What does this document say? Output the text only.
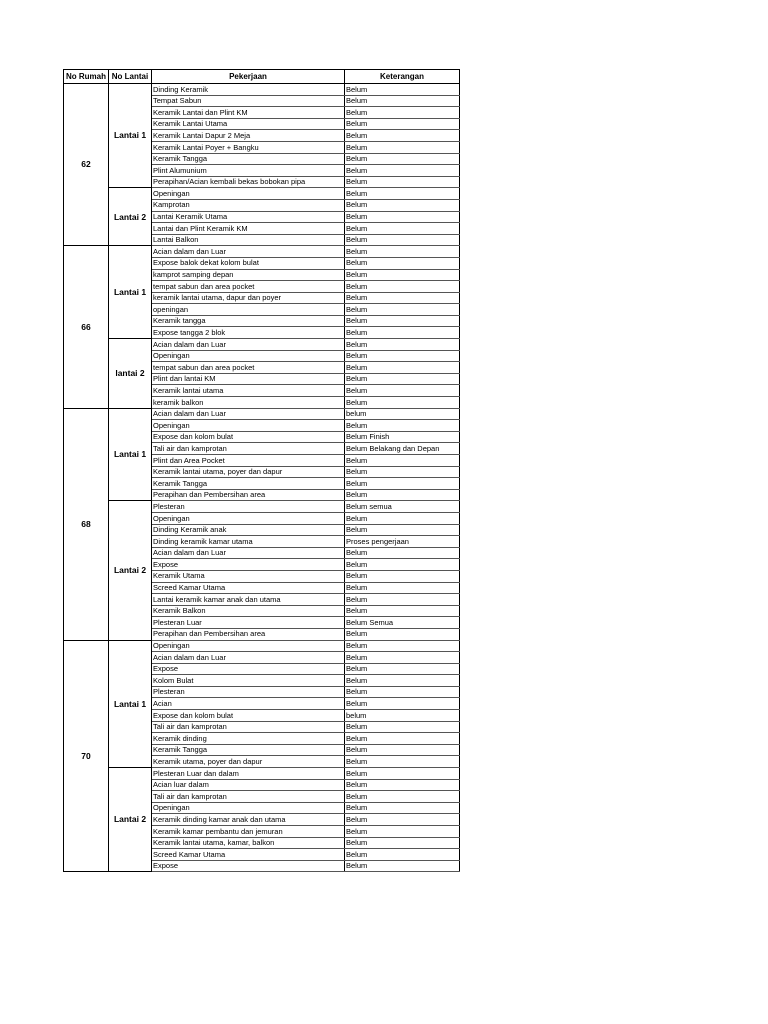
No Rumah	No Lantai	Pekerjaan	Keterangan
62	Lantai 1	Dinding Keramik	Belum
		Tempat Sabun	Belum
		Keramik Lantai dan Plint KM	Belum
		Keramik Lantai Utama	Belum
		Keramik Lantai Dapur 2 Meja	Belum
		Keramik Lantai Poyer + Bangku	Belum
		Keramik Tangga	Belum
		Plint Alumunium	Belum
		Perapihan/Acian kembali bekas bobokan pipa	Belum
	Lantai 2	Openingan	Belum
		Kamprotan	Belum
		Lantai Keramik Utama	Belum
		Lantai dan Plint Keramik KM	Belum
		Lantai Balkon	Belum
66	Lantai 1	Acian dalam dan Luar	Belum
		Expose balok dekat kolom bulat	Belum
		kamprot samping depan	Belum
		tempat sabun dan area pocket	Belum
		keramik lantai utama, dapur dan poyer	Belum
		openingan	Belum
		Keramik tangga	Belum
		Expose tangga 2 blok	Belum
	lantai 2	Acian dalam dan Luar	Belum
		Openingan	Belum
		tempat sabun dan area pocket	Belum
		Plint dan lantai KM	Belum
		Keramik lantai utama	Belum
		keramik balkon	Belum
68	Lantai 1	Acian dalam dan Luar	belum
		Openingan	Belum
		Expose dan kolom bulat	Belum Finish
		Tali air dan kamprotan	Belum Belakang dan Depan
		Plint dan Area Pocket	Belum
		Keramik lantai utama, poyer dan dapur	Belum
		Keramik Tangga	Belum
		Perapihan dan Pembersihan area	Belum
	Lantai 2	Plesteran	Belum semua
		Openingan	Belum
		Dinding Keramik anak	Belum
		Dinding keramik kamar utama	Proses pengerjaan
		Acian dalam dan Luar	Belum
		Expose	Belum
		Keramik Utama	Belum
		Screed Kamar Utama	Belum
		Lantai keramik kamar anak dan utama	Belum
		Keramik Balkon	Belum
		Plesteran Luar	Belum Semua
		Perapihan dan Pembersihan area	Belum
70	Lantai 1	Openingan	Belum
		Acian dalam dan Luar	Belum
		Expose	Belum
		Kolom Bulat	Belum
		Plesteran	Belum
		Acian	Belum
		Expose dan kolom bulat	belum
		Tali air dan kamprotan	Belum
		Keramik dinding	Belum
		Keramik Tangga	Belum
		Keramik utama, poyer dan dapur	Belum
	Lantai 2	Plesteran Luar dan dalam	Belum
		Acian luar dalam	Belum
		Tali air dan kamprotan	Belum
		Openingan	Belum
		Keramik dinding kamar anak dan utama	Belum
		Keramik kamar pembantu dan jemuran	Belum
		Keramik lantai utama, kamar, balkon	Belum
		Screed Kamar Utama	Belum
		Expose	Belum
